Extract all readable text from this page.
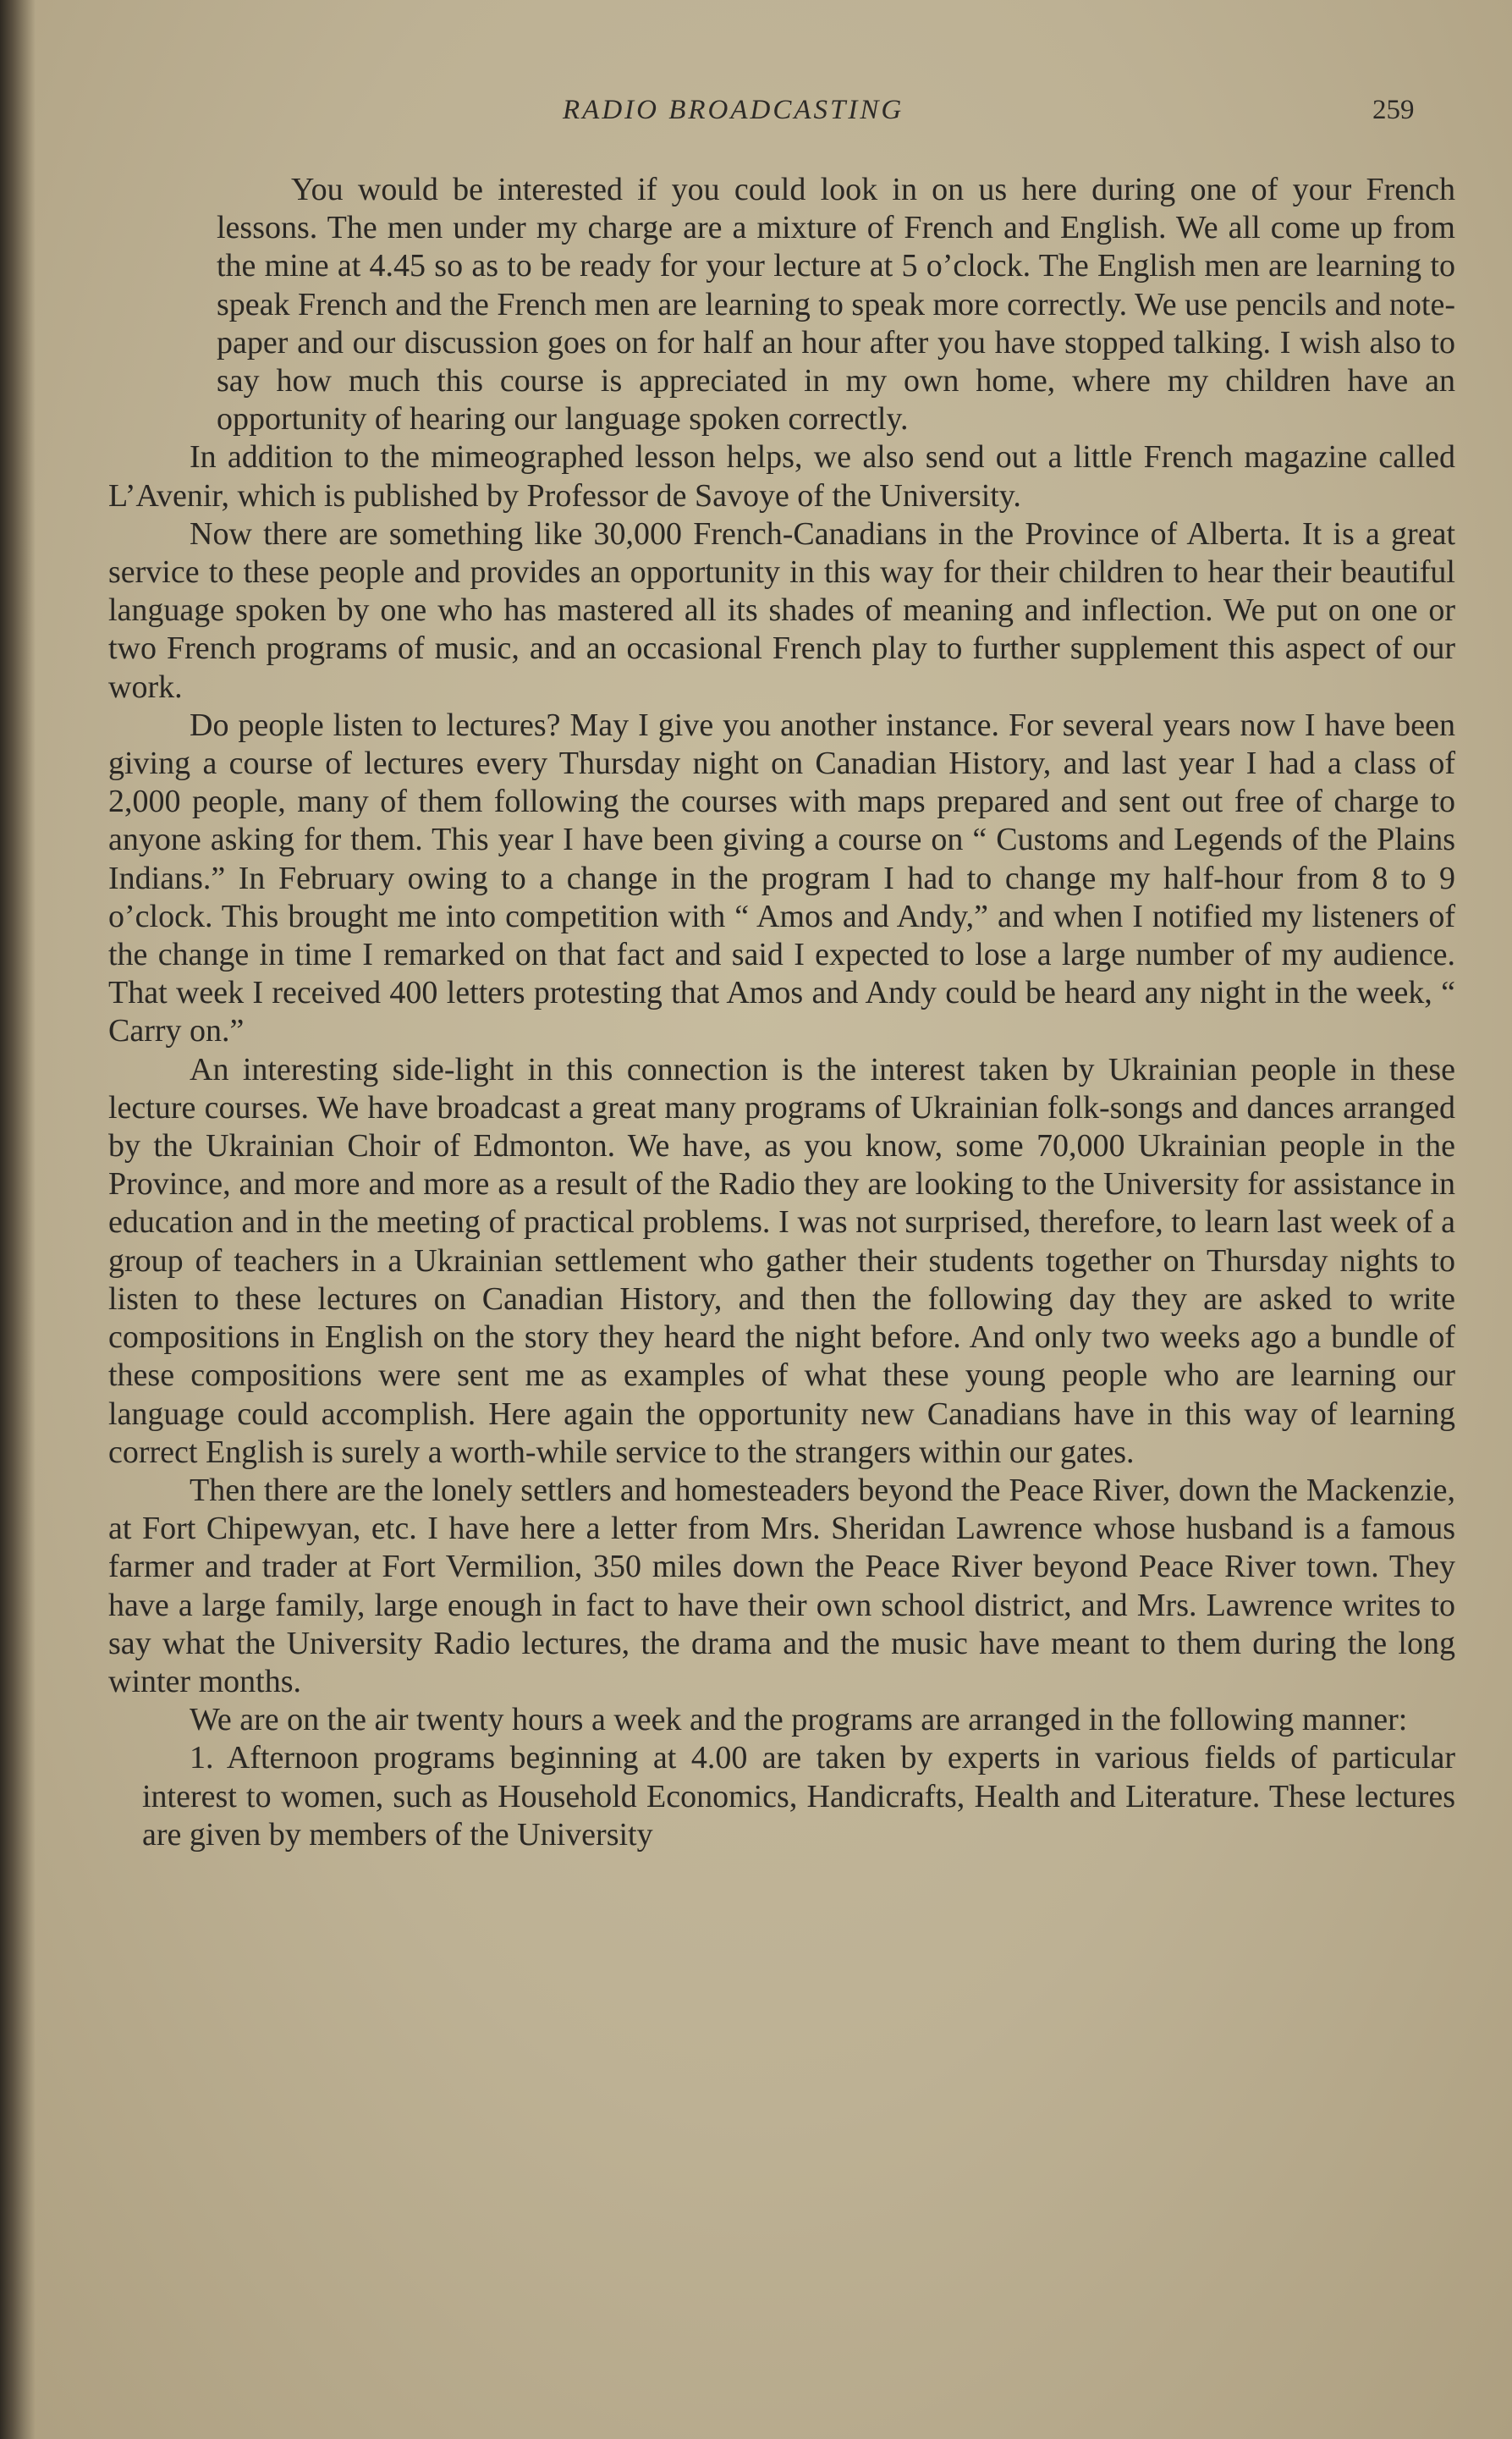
RADIO BROADCASTING	259

You would be interested if you could look in on us here during one of your French lessons. The men under my charge are a mixture of French and English. We all come up from the mine at 4.45 so as to be ready for your lecture at 5 o’clock. The English men are learning to speak French and the French men are learning to speak more correctly. We use pencils and note-paper and our discussion goes on for half an hour after you have stopped talking. I wish also to say how much this course is appreciated in my own home, where my children have an opportunity of hearing our language spoken correctly.

In addition to the mimeographed lesson helps, we also send out a little French magazine called L’Avenir, which is published by Professor de Savoye of the University.

Now there are something like 30,000 French-Canadians in the Province of Alberta. It is a great service to these people and provides an opportunity in this way for their children to hear their beautiful language spoken by one who has mastered all its shades of meaning and inflection. We put on one or two French programs of music, and an occasional French play to further supplement this aspect of our work.

Do people listen to lectures? May I give you another instance. For several years now I have been giving a course of lectures every Thursday night on Canadian History, and last year I had a class of 2,000 people, many of them following the courses with maps prepared and sent out free of charge to anyone asking for them. This year I have been giving a course on “ Customs and Legends of the Plains Indians.” In February owing to a change in the program I had to change my half-hour from 8 to 9 o’clock. This brought me into competition with “ Amos and Andy,” and when I notified my listeners of the change in time I remarked on that fact and said I expected to lose a large number of my audience. That week I received 400 letters protesting that Amos and Andy could be heard any night in the week, “ Carry on.”

An interesting side-light in this connection is the interest taken by Ukrainian people in these lecture courses. We have broadcast a great many programs of Ukrainian folk-songs and dances arranged by the Ukrainian Choir of Edmonton. We have, as you know, some 70,000 Ukrainian people in the Province, and more and more as a result of the Radio they are looking to the University for assistance in education and in the meeting of practical problems. I was not surprised, therefore, to learn last week of a group of teachers in a Ukrainian settlement who gather their students together on Thursday nights to listen to these lectures on Canadian History, and then the following day they are asked to write compositions in English on the story they heard the night before. And only two weeks ago a bundle of these compositions were sent me as examples of what these young people who are learning our language could accomplish. Here again the opportunity new Canadians have in this way of learning correct English is surely a worth-while service to the strangers within our gates.

Then there are the lonely settlers and homesteaders beyond the Peace River, down the Mackenzie, at Fort Chipewyan, etc. I have here a letter from Mrs. Sheridan Lawrence whose husband is a famous farmer and trader at Fort Vermilion, 350 miles down the Peace River beyond Peace River town. They have a large family, large enough in fact to have their own school district, and Mrs. Lawrence writes to say what the University Radio lectures, the drama and the music have meant to them during the long winter months.

We are on the air twenty hours a week and the programs are arranged in the following manner:

1. Afternoon programs beginning at 4.00 are taken by experts in various fields of particular interest to women, such as Household Economics, Handicrafts, Health and Literature. These lectures are given by members of the University
